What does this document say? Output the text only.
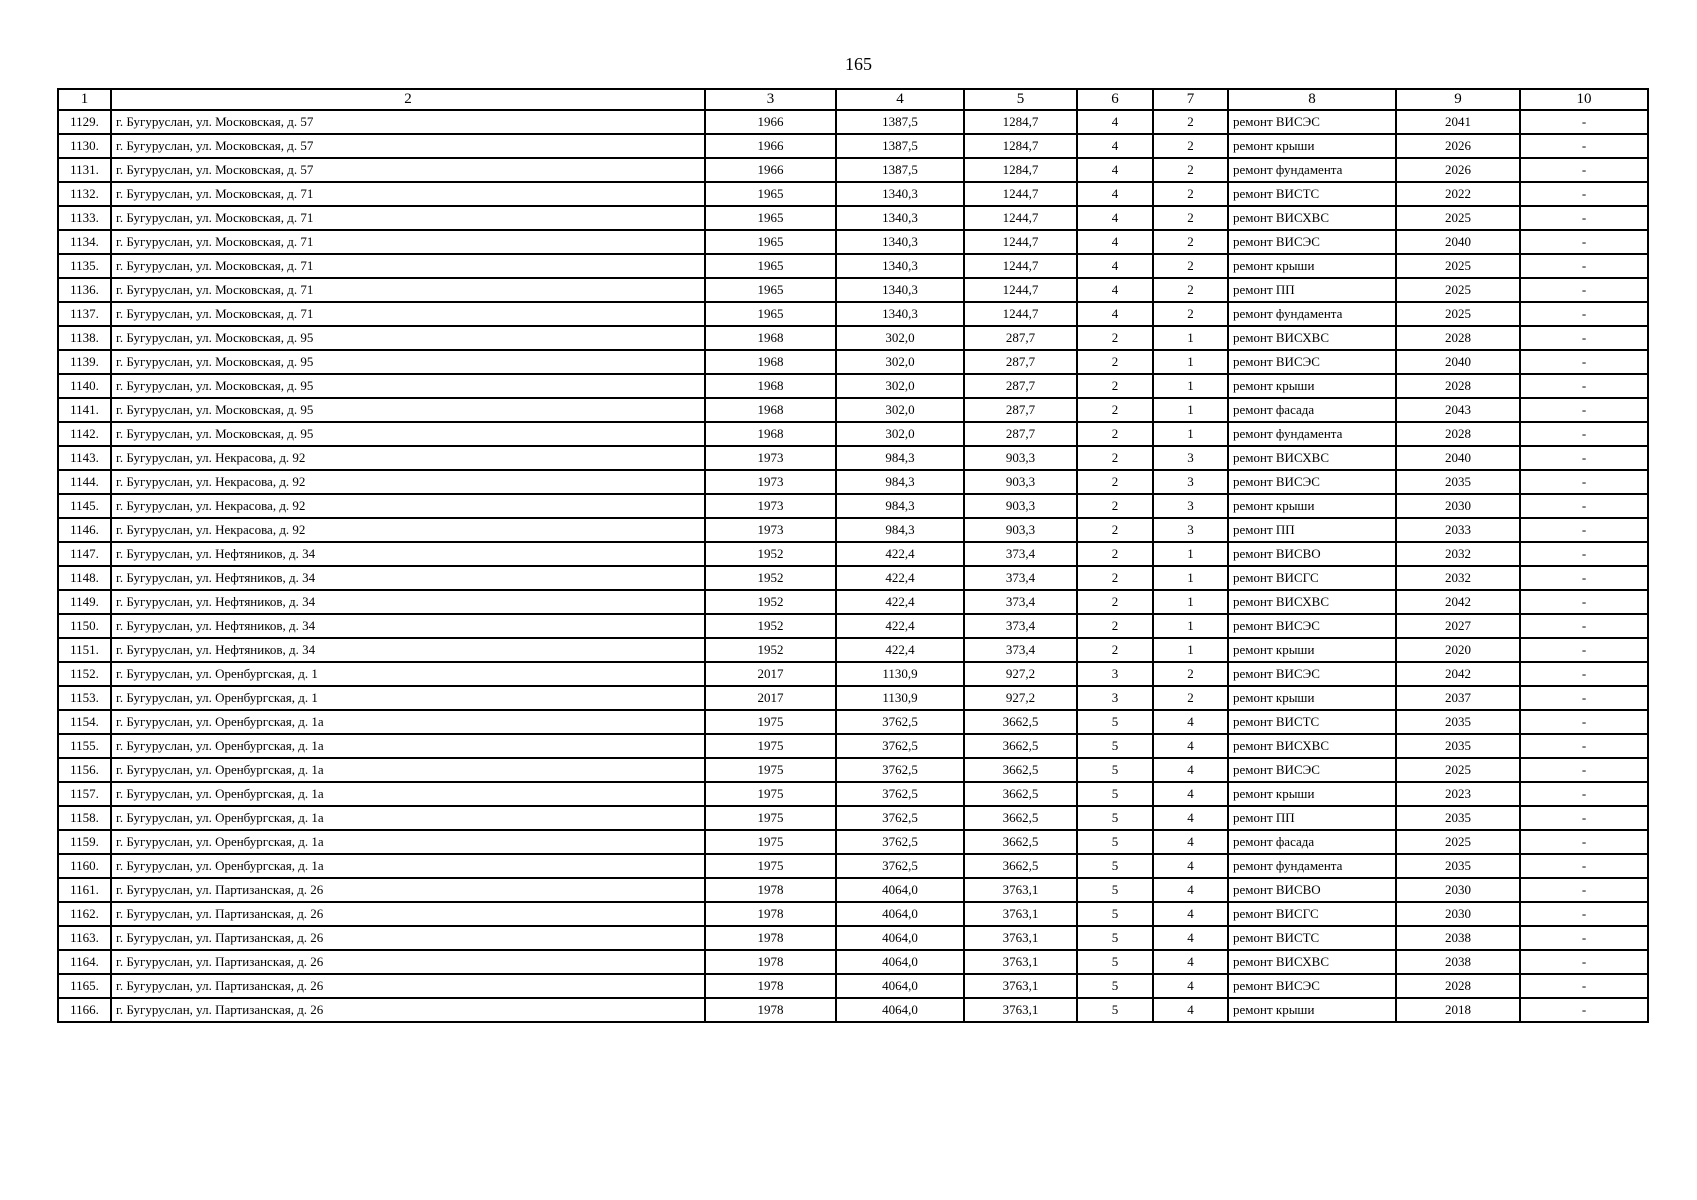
165
1	2	3	4	5	6	7	8	9	10
1129.	г. Бугуруслан, ул. Московская, д. 57	1966	1387,5	1284,7	4	2	ремонт ВИСЭС	2041	-
1130.	г. Бугуруслан, ул. Московская, д. 57	1966	1387,5	1284,7	4	2	ремонт крыши	2026	-
1131.	г. Бугуруслан, ул. Московская, д. 57	1966	1387,5	1284,7	4	2	ремонт фундамента	2026	-
1132.	г. Бугуруслан, ул. Московская, д. 71	1965	1340,3	1244,7	4	2	ремонт ВИСТС	2022	-
1133.	г. Бугуруслан, ул. Московская, д. 71	1965	1340,3	1244,7	4	2	ремонт ВИСХВС	2025	-
1134.	г. Бугуруслан, ул. Московская, д. 71	1965	1340,3	1244,7	4	2	ремонт ВИСЭС	2040	-
1135.	г. Бугуруслан, ул. Московская, д. 71	1965	1340,3	1244,7	4	2	ремонт крыши	2025	-
1136.	г. Бугуруслан, ул. Московская, д. 71	1965	1340,3	1244,7	4	2	ремонт ПП	2025	-
1137.	г. Бугуруслан, ул. Московская, д. 71	1965	1340,3	1244,7	4	2	ремонт фундамента	2025	-
1138.	г. Бугуруслан, ул. Московская, д. 95	1968	302,0	287,7	2	1	ремонт ВИСХВС	2028	-
1139.	г. Бугуруслан, ул. Московская, д. 95	1968	302,0	287,7	2	1	ремонт ВИСЭС	2040	-
1140.	г. Бугуруслан, ул. Московская, д. 95	1968	302,0	287,7	2	1	ремонт крыши	2028	-
1141.	г. Бугуруслан, ул. Московская, д. 95	1968	302,0	287,7	2	1	ремонт фасада	2043	-
1142.	г. Бугуруслан, ул. Московская, д. 95	1968	302,0	287,7	2	1	ремонт фундамента	2028	-
1143.	г. Бугуруслан, ул. Некрасова, д. 92	1973	984,3	903,3	2	3	ремонт ВИСХВС	2040	-
1144.	г. Бугуруслан, ул. Некрасова, д. 92	1973	984,3	903,3	2	3	ремонт ВИСЭС	2035	-
1145.	г. Бугуруслан, ул. Некрасова, д. 92	1973	984,3	903,3	2	3	ремонт крыши	2030	-
1146.	г. Бугуруслан, ул. Некрасова, д. 92	1973	984,3	903,3	2	3	ремонт ПП	2033	-
1147.	г. Бугуруслан, ул. Нефтяников, д. 34	1952	422,4	373,4	2	1	ремонт ВИСВО	2032	-
1148.	г. Бугуруслан, ул. Нефтяников, д. 34	1952	422,4	373,4	2	1	ремонт ВИСГС	2032	-
1149.	г. Бугуруслан, ул. Нефтяников, д. 34	1952	422,4	373,4	2	1	ремонт ВИСХВС	2042	-
1150.	г. Бугуруслан, ул. Нефтяников, д. 34	1952	422,4	373,4	2	1	ремонт ВИСЭС	2027	-
1151.	г. Бугуруслан, ул. Нефтяников, д. 34	1952	422,4	373,4	2	1	ремонт крыши	2020	-
1152.	г. Бугуруслан, ул. Оренбургская, д. 1	2017	1130,9	927,2	3	2	ремонт ВИСЭС	2042	-
1153.	г. Бугуруслан, ул. Оренбургская, д. 1	2017	1130,9	927,2	3	2	ремонт крыши	2037	-
1154.	г. Бугуруслан, ул. Оренбургская, д. 1а	1975	3762,5	3662,5	5	4	ремонт ВИСТС	2035	-
1155.	г. Бугуруслан, ул. Оренбургская, д. 1а	1975	3762,5	3662,5	5	4	ремонт ВИСХВС	2035	-
1156.	г. Бугуруслан, ул. Оренбургская, д. 1а	1975	3762,5	3662,5	5	4	ремонт ВИСЭС	2025	-
1157.	г. Бугуруслан, ул. Оренбургская, д. 1а	1975	3762,5	3662,5	5	4	ремонт крыши	2023	-
1158.	г. Бугуруслан, ул. Оренбургская, д. 1а	1975	3762,5	3662,5	5	4	ремонт ПП	2035	-
1159.	г. Бугуруслан, ул. Оренбургская, д. 1а	1975	3762,5	3662,5	5	4	ремонт фасада	2025	-
1160.	г. Бугуруслан, ул. Оренбургская, д. 1а	1975	3762,5	3662,5	5	4	ремонт фундамента	2035	-
1161.	г. Бугуруслан, ул. Партизанская, д. 26	1978	4064,0	3763,1	5	4	ремонт ВИСВО	2030	-
1162.	г. Бугуруслан, ул. Партизанская, д. 26	1978	4064,0	3763,1	5	4	ремонт ВИСГС	2030	-
1163.	г. Бугуруслан, ул. Партизанская, д. 26	1978	4064,0	3763,1	5	4	ремонт ВИСТС	2038	-
1164.	г. Бугуруслан, ул. Партизанская, д. 26	1978	4064,0	3763,1	5	4	ремонт ВИСХВС	2038	-
1165.	г. Бугуруслан, ул. Партизанская, д. 26	1978	4064,0	3763,1	5	4	ремонт ВИСЭС	2028	-
1166.	г. Бугуруслан, ул. Партизанская, д. 26	1978	4064,0	3763,1	5	4	ремонт крыши	2018	-
